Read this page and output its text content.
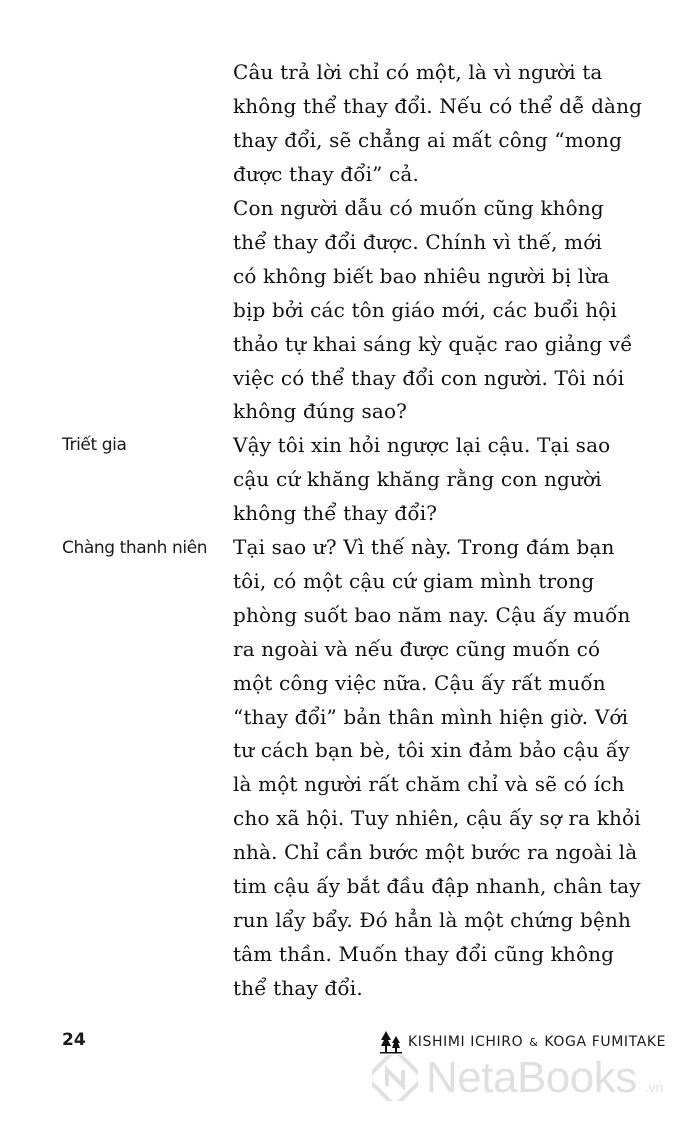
Câu trả lời chỉ có một, là vì người ta
không thể thay đổi. Nếu có thể dễ dàng
thay đổi, sẽ chẳng ai mất công “mong
được thay đổi” cả.

Con người dẫu có muốn cũng không
thể thay đổi được. Chính vì thế, mới
có không biết bao nhiêu người bị lừa
bịp bởi các tôn giáo mới, các buổi hội
thảo tự khai sáng kỳ quặc rao giảng về
việc có thể thay đổi con người. Tôi nói
không đúng sao?

Triết gia	Vậy tôi xin hỏi ngược lại cậu. Tại sao
cậu cứ khăng khăng rằng con người
không thể thay đổi?

Chàng thanh niên Tại sao ư? Vì thế này. Trong đám bạn
tôi, có một cậu cứ giam mình trong
phòng suốt bao năm nay. Cậu ấy muốn
ra ngoài và nếu được cũng muốn có
một công việc nữa. Cậu ấy rất muốn
“thay đổi” bản thân mình hiện giờ. Với
tư cách bạn bè, tôi xin đảm bảo cậu ấy
là một người rất chăm chỉ và sẽ có ích
cho xã hội. Tuy nhiên, cậu ấy sợ ra khỏi
nhà. Chỉ cần bước một bước ra ngoài là
tim cậu ấy bắt đầu đập nhanh, chân tay
run lẩy bẩy. Đó hẳn là một chứng bệnh
tâm thần. Muốn thay đổi cũng không
thể thay đổi.

24	KISHIMI ICHIRO & KOGA FUMITAKE
NetaBooks .vn
